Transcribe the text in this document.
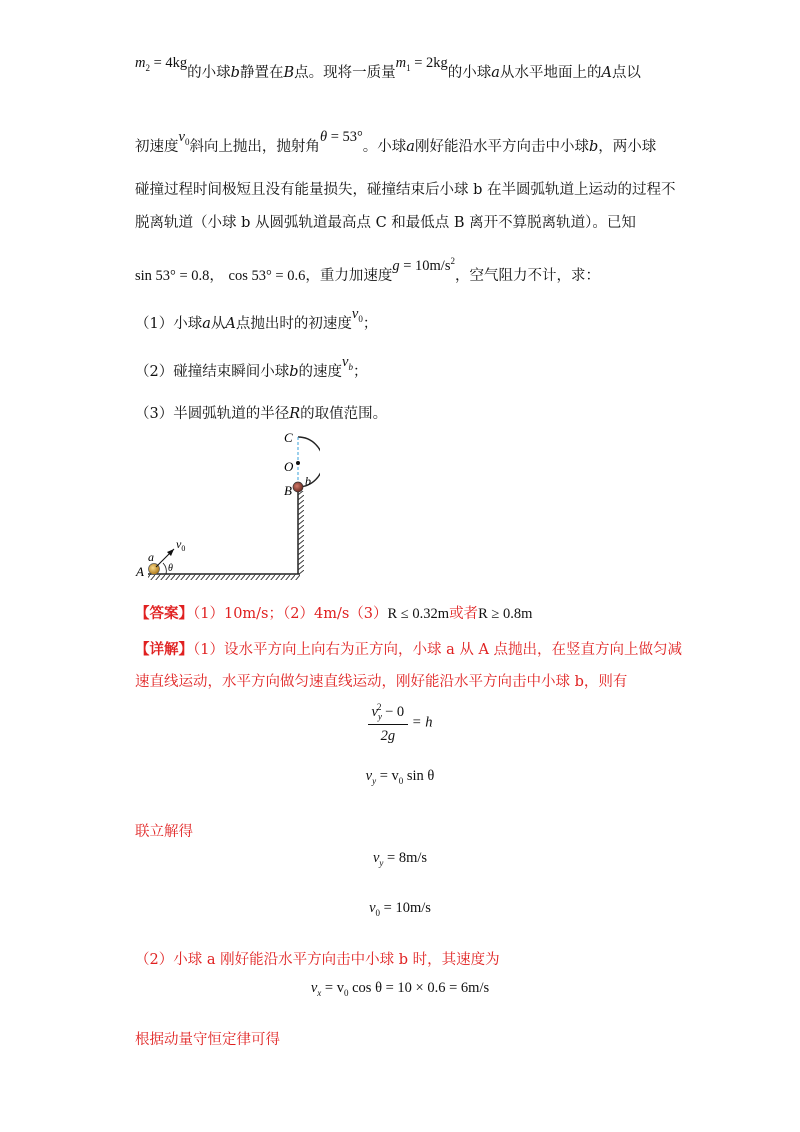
$m_2 = 4kg$的小球b静置在B点。现将一质量$m_1 = 2kg$的小球a从水平地面上的A点以
初速度$v_0$斜向上抛出，抛射角θ = 53°。小球a刚好能沿水平方向击中小球b，两小球
碰撞过程时间极短且没有能量损失，碰撞结束后小球 b 在半圆弧轨道上运动的过程不
脱离轨道（小球 b 从圆弧轨道最高点 C 和最低点 B 离开不算脱离轨道）。已知
sin 53° = 0.8， cos 53° = 0.6，重力加速度$g = 10m/s^2$，空气阻力不计，求：
（1）小球a从A点抛出时的初速度$v_0$；
（2）碰撞结束瞬间小球b的速度$v_b$；
（3）半圆弧轨道的半径R的取值范围。
C
O
B
b
A
a
$v_0$
θ
【答案】（1）10m/s；（2）4m/s（3）R ≤ 0.32m或者R ≥ 0.8m
【详解】（1）设水平方向上向右为正方向，小球 a 从 A 点抛出，在竖直方向上做匀减
速直线运动，水平方向做匀速直线运动，刚好能沿水平方向击中小球 b，则有
$\frac{v_y^2 - 0}{2g} = h$
$v_y = v_0$ sin θ
联立解得
$v_y = 8m/s$
$v_0 = 10m/s$
（2）小球 a 刚好能沿水平方向击中小球 b 时，其速度为
$v_x = v_0$ cos θ = 10 × 0.6 = 6m/s
根据动量守恒定律可得
